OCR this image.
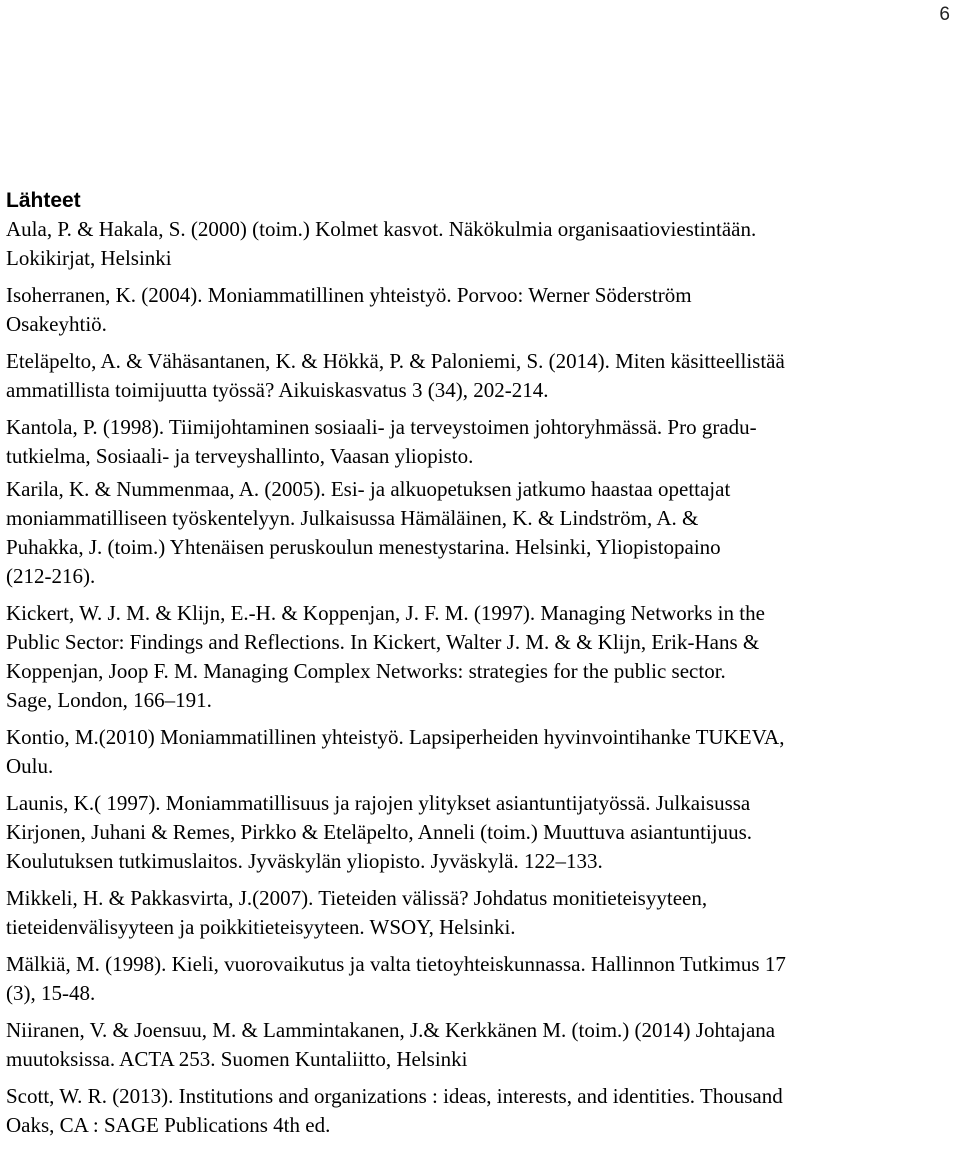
6
Lähteet
Aula, P. & Hakala, S. (2000) (toim.) Kolmet kasvot. Näkökulmia organisaatioviestintään.
Lokikirjat, Helsinki
Isoherranen, K. (2004). Moniammatillinen yhteistyö. Porvoo: Werner Söderström
Osakeyhtiö.
Eteläpelto, A. & Vähäsantanen, K. & Hökkä, P. & Paloniemi, S. (2014). Miten käsitteellistää
ammatillista toimijuutta työssä? Aikuiskasvatus 3 (34), 202-214.
Kantola, P. (1998). Tiimijohtaminen sosiaali- ja terveystoimen johtoryhmässä. Pro gradu-
tutkielma, Sosiaali- ja terveyshallinto, Vaasan yliopisto.
Karila, K. & Nummenmaa, A. (2005). Esi- ja alkuopetuksen jatkumo haastaa opettajat
moniammatilliseen työskentelyyn. Julkaisussa Hämäläinen, K. & Lindström, A. &
Puhakka, J. (toim.) Yhtenäisen peruskoulun menestystarina. Helsinki, Yliopistopaino
(212-216).
Kickert, W. J. M. & Klijn, E.-H. & Koppenjan, J. F. M. (1997). Managing Networks in the
Public Sector: Findings and Reflections. In Kickert, Walter J. M. & & Klijn, Erik-Hans &
Koppenjan, Joop F. M. Managing Complex Networks: strategies for the public sector.
Sage, London, 166–191.
Kontio, M.(2010) Moniammatillinen yhteistyö. Lapsiperheiden hyvinvointihanke TUKEVA,
Oulu.
Launis, K.( 1997). Moniammatillisuus ja rajojen ylitykset asiantuntijatyössä. Julkaisussa
Kirjonen, Juhani & Remes, Pirkko & Eteläpelto, Anneli (toim.) Muuttuva asiantuntijuus.
Koulutuksen tutkimuslaitos. Jyväskylän yliopisto. Jyväskylä. 122–133.
Mikkeli, H. & Pakkasvirta, J.(2007). Tieteiden välissä? Johdatus monitieteisyyteen,
tieteidenvälisyyteen ja poikkitieteisyyteen. WSOY, Helsinki.
Mälkiä, M. (1998). Kieli, vuorovaikutus ja valta tietoyhteiskunnassa. Hallinnon Tutkimus 17
(3), 15-48.
Niiranen, V. & Joensuu, M. & Lammintakanen, J.& Kerkkänen M. (toim.) (2014) Johtajana
muutoksissa. ACTA 253. Suomen Kuntaliitto, Helsinki
Scott, W. R. (2013). Institutions and organizations : ideas, interests, and identities. Thousand
Oaks, CA : SAGE Publications 4th ed.
